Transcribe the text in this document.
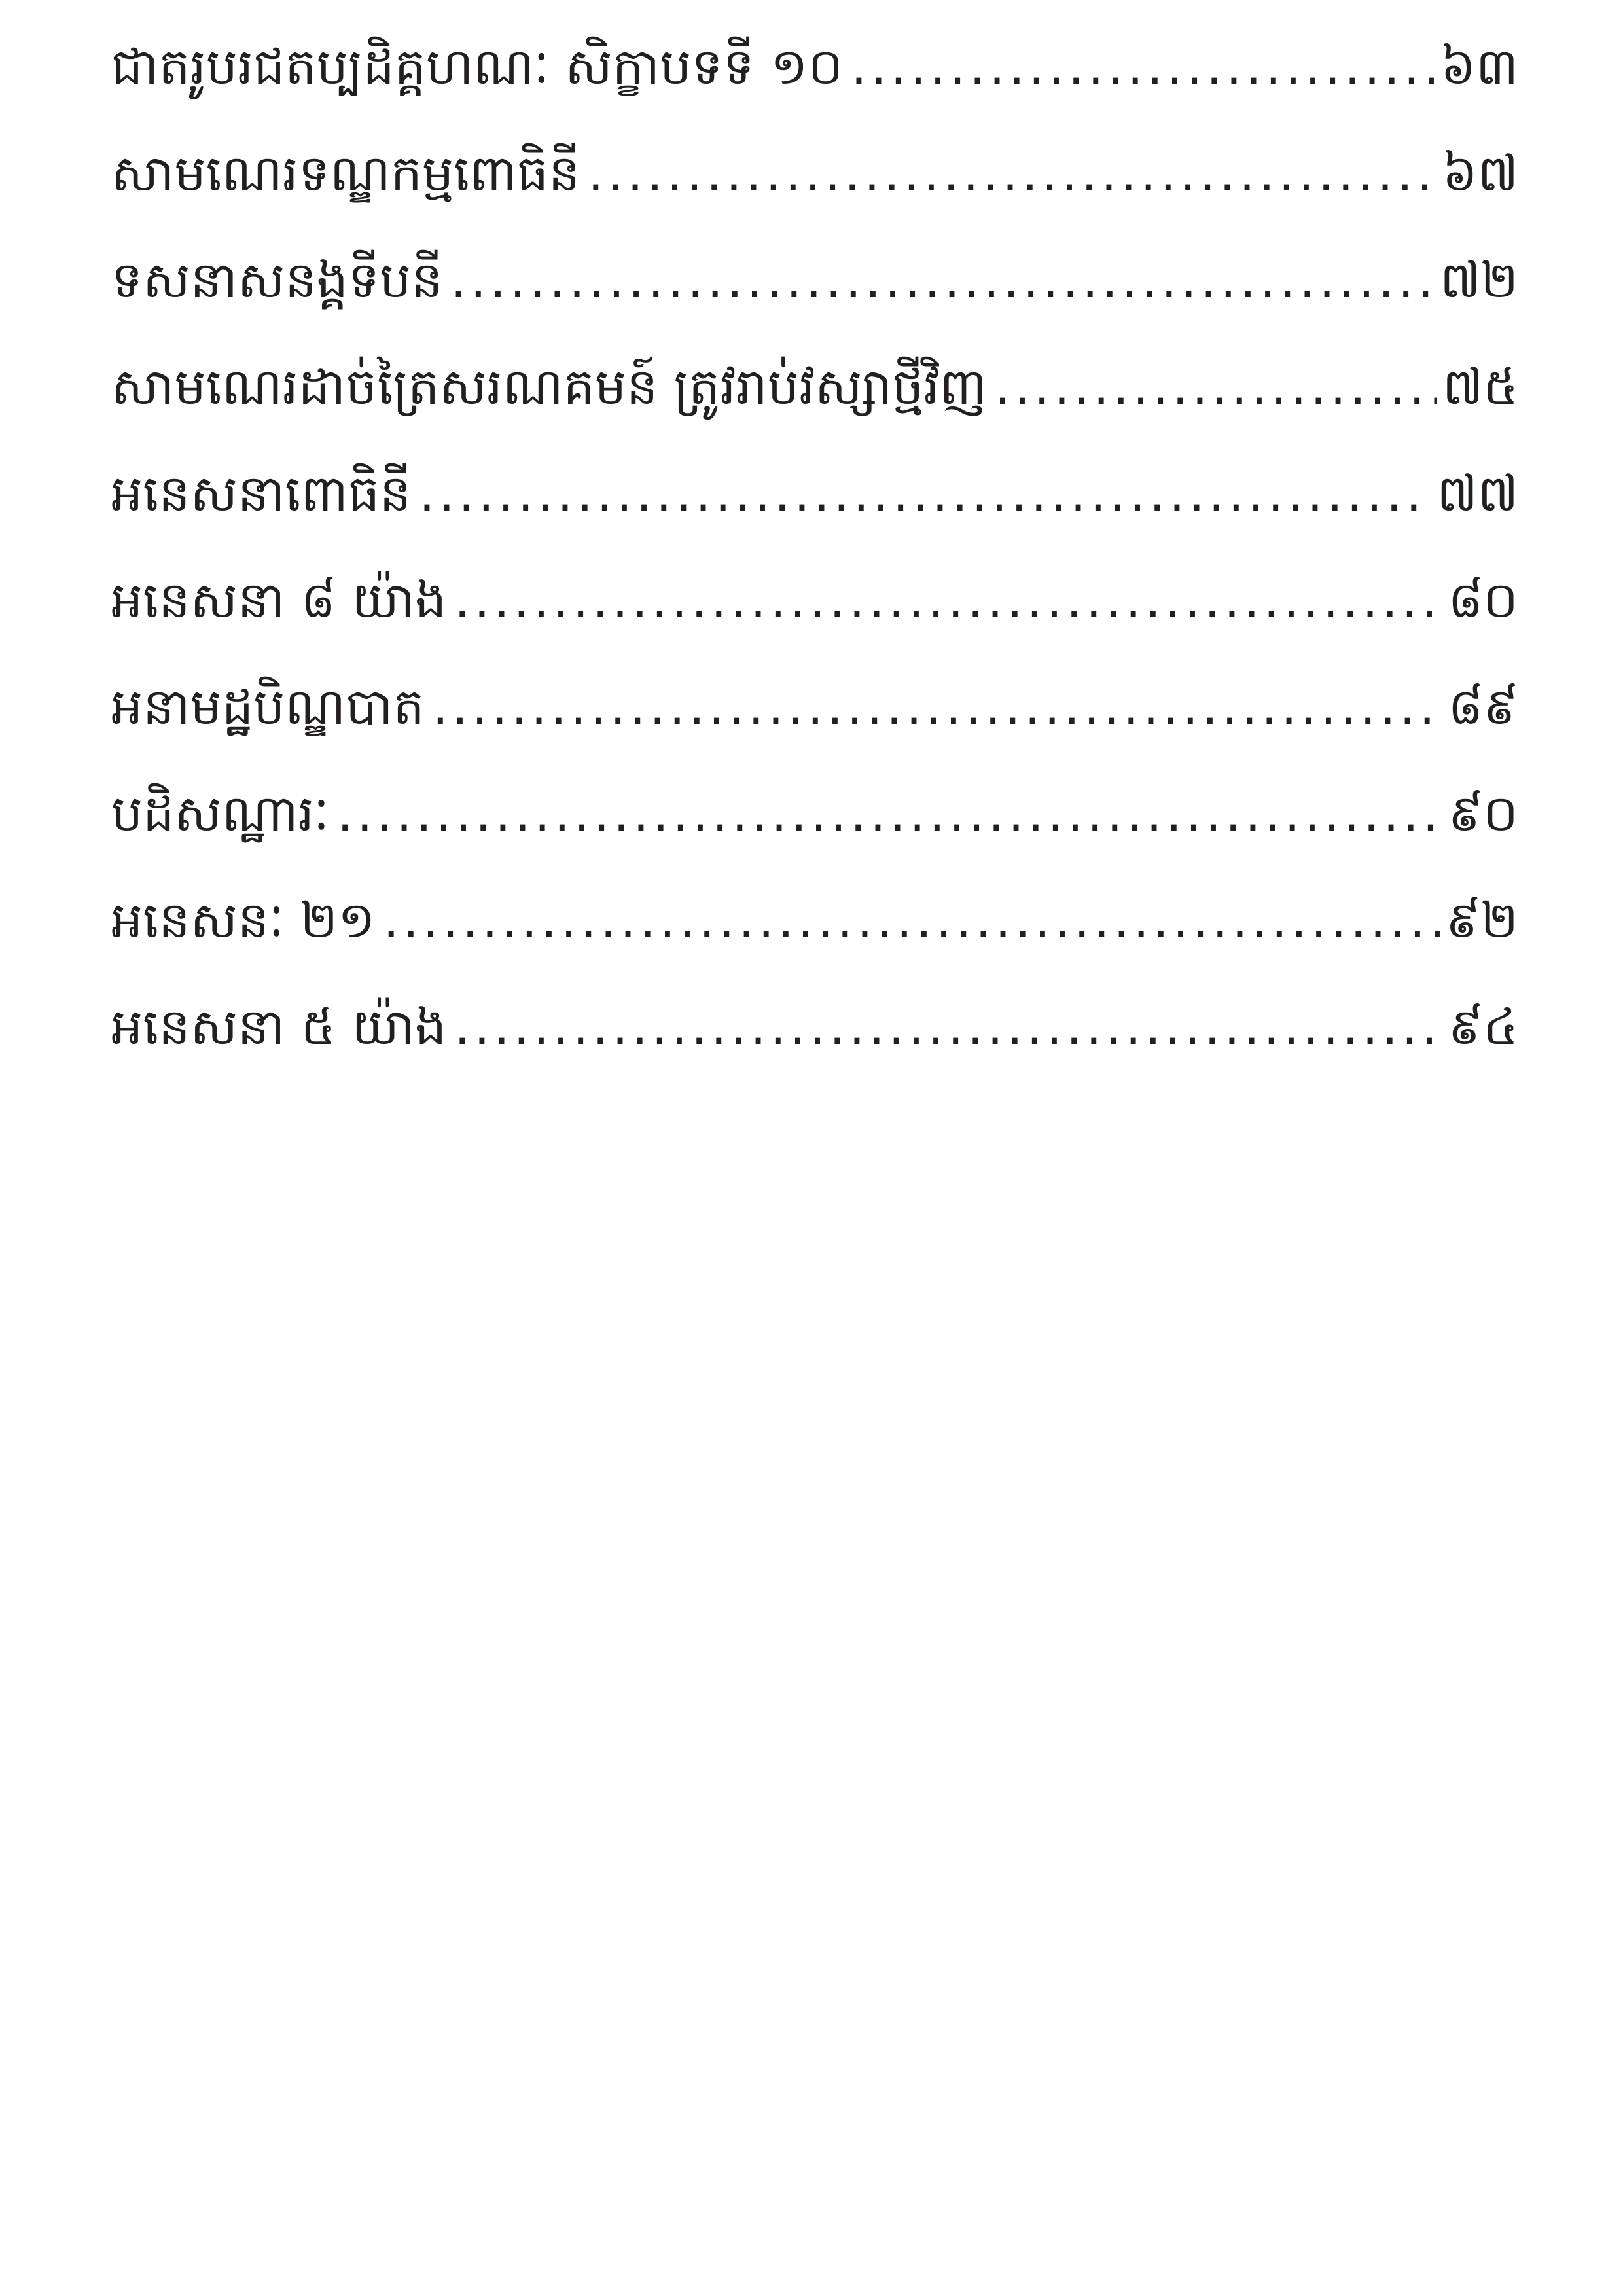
ជាតរូបរជតប្បដិគ្គហណៈ សិក្ខាបទទី ១០ .....	៦៣
សាមណេរទណ្ឌកម្មពោធិនី .....	៦៧
ទសនាសនង្គទីបនី .....	៧២
សាមណេរដាច់ត្រៃសរណគមន៍ ត្រូវរាប់វស្សាថ្មីវិញ .....	៧៥
អនេសនាពោធិនី .....	៧៧
អនេសនា ៨ យ៉ាង .....	៨០
អនាមដ្ឋបិណ្ឌបាត .....	៨៩
បដិសណ្ឋារៈ .....	៩០
អនេសនៈ ២១ .....	៩២
អនេសនា ៥ យ៉ាង .....	៩៤
